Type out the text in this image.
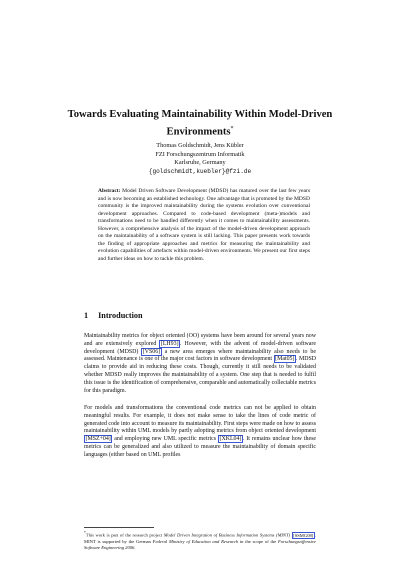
Towards Evaluating Maintainability Within Model-Driven Environments*
Thomas Goldschmidt, Jens Kübler
FZI Forschungszentrum Informatik
Karlsruhe, Germany
{goldschmidt,kuebler}@fzi.de
Abstract: Model Driven Software Development (MDSD) has matured over the last few years and is now becoming an established technology. One advantage that is promoted by the MDSD community is the improved maintainability during the systems evolution over conventional development approaches. Compared to code-based development (meta-)models and transformations need to be handled differently when it comes to maintainability assessments. However, a comprehensive analysis of the impact of the model-driven development approach on the maintainability of a software system is still lacking. This paper presents work towards the finding of appropriate approaches and metrics for measuring the maintainability and evolution capabilities of artefacts within model-driven environments. We present our first steps and further ideas on how to tackle this problem.
1 Introduction
Maintainability metrics for object oriented (OO) systems have been around for several years now and are extensively explored [LH93] . However, with the advent of model-driven software development (MDSD) [VS06] a new area emerges where maintainability also needs to be assessed. Maintenance is one of the major cost factors in software development [Mat05] . MDSD claims to provide aid in reducing these costs. Though, currently it still needs to be validated whether MDSD really improves the maintainability of a system. One step that is needed to fulfil this issue is the identification of comprehensive, comparable and automatically collectable metrics for this paradigm.
For models and transformations the conventional code metrics can not be applied to obtain meaningful results. For example, it does not make sense to take the lines of code metric of generated code into account to measure its maintainability. First steps were made on how to assess maintainability within UML models by partly adopting metrics from object oriented development [MSZ+04] and employing new UML specific metrics [XKL04] . It remains unclear how these metrics can be generalized and also utilized to measure the maintainability of domain specific languages (either based on UML profiles
*This work is part of the research project Model Driven Integration of Business Information Systems (MINT) [SSMG08] . MINT is supported by the German Federal Ministry of Education and Research in the scope of the Forschungsoffensive Software Engineering 2006.
